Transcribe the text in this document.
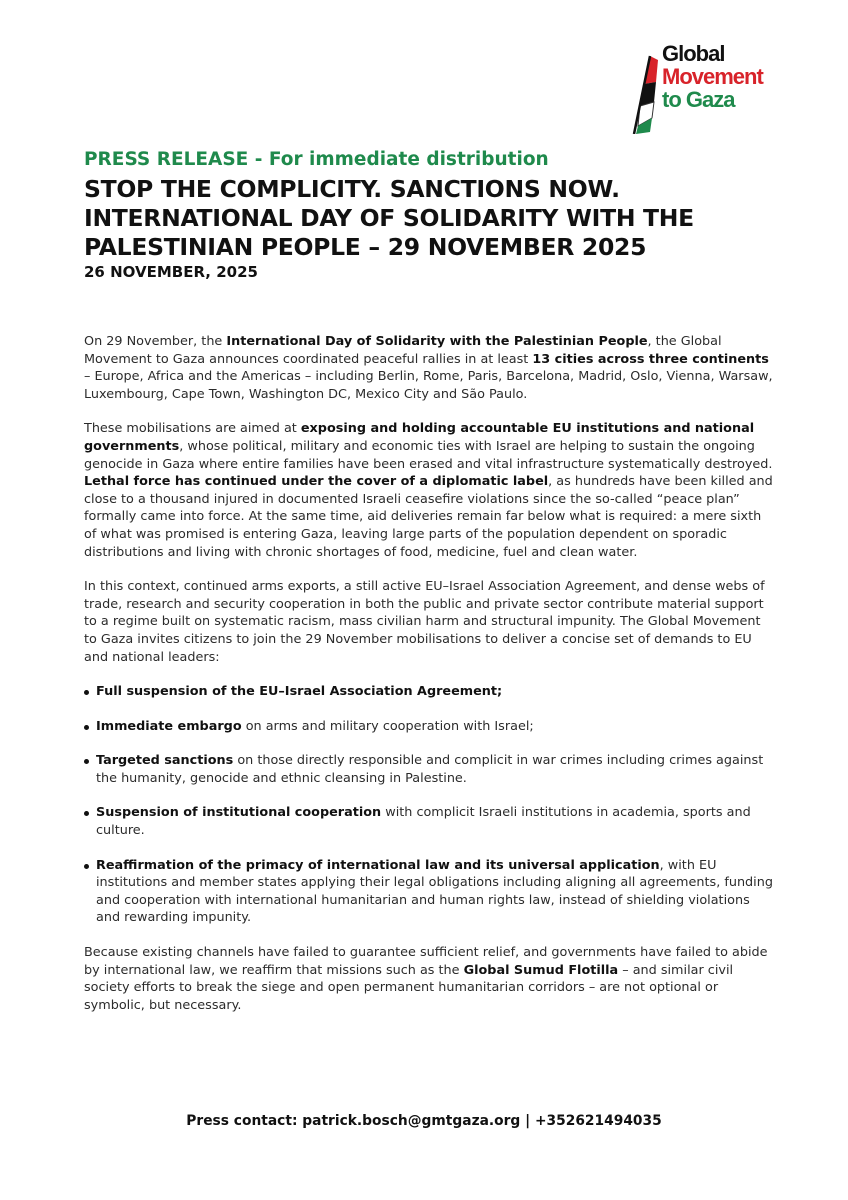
Global
Movement
to Gaza
PRESS RELEASE - For immediate distribution
STOP THE COMPLICITY. SANCTIONS NOW.
INTERNATIONAL DAY OF SOLIDARITY WITH THE
PALESTINIAN PEOPLE – 29 NOVEMBER 2025
26 NOVEMBER, 2025

On 29 November, the International Day of Solidarity with the Palestinian People, the Global Movement to Gaza announces coordinated peaceful rallies in at least 13 cities across three continents – Europe, Africa and the Americas – including Berlin, Rome, Paris, Barcelona, Madrid, Oslo, Vienna, Warsaw, Luxembourg, Cape Town, Washington DC, Mexico City and São Paulo.

These mobilisations are aimed at exposing and holding accountable EU institutions and national governments, whose political, military and economic ties with Israel are helping to sustain the ongoing genocide in Gaza where entire families have been erased and vital infrastructure systematically destroyed. Lethal force has continued under the cover of a diplomatic label, as hundreds have been killed and close to a thousand injured in documented Israeli ceasefire violations since the so-called “peace plan” formally came into force. At the same time, aid deliveries remain far below what is required: a mere sixth of what was promised is entering Gaza, leaving large parts of the population dependent on sporadic distributions and living with chronic shortages of food, medicine, fuel and clean water.

In this context, continued arms exports, a still active EU–Israel Association Agreement, and dense webs of trade, research and security cooperation in both the public and private sector contribute material support to a regime built on systematic racism, mass civilian harm and structural impunity. The Global Movement to Gaza invites citizens to join the 29 November mobilisations to deliver a concise set of demands to EU and national leaders:

Full suspension of the EU–Israel Association Agreement;
Immediate embargo on arms and military cooperation with Israel;
Targeted sanctions on those directly responsible and complicit in war crimes including crimes against the humanity, genocide and ethnic cleansing in Palestine.
Suspension of institutional cooperation with complicit Israeli institutions in academia, sports and culture.
Reaffirmation of the primacy of international law and its universal application, with EU institutions and member states applying their legal obligations including aligning all agreements, funding and cooperation with international humanitarian and human rights law, instead of shielding violations and rewarding impunity.

Because existing channels have failed to guarantee sufficient relief, and governments have failed to abide by international law, we reaffirm that missions such as the Global Sumud Flotilla – and similar civil society efforts to break the siege and open permanent humanitarian corridors – are not optional or symbolic, but necessary.

Press contact: patrick.bosch@gmtgaza.org | +352621494035
